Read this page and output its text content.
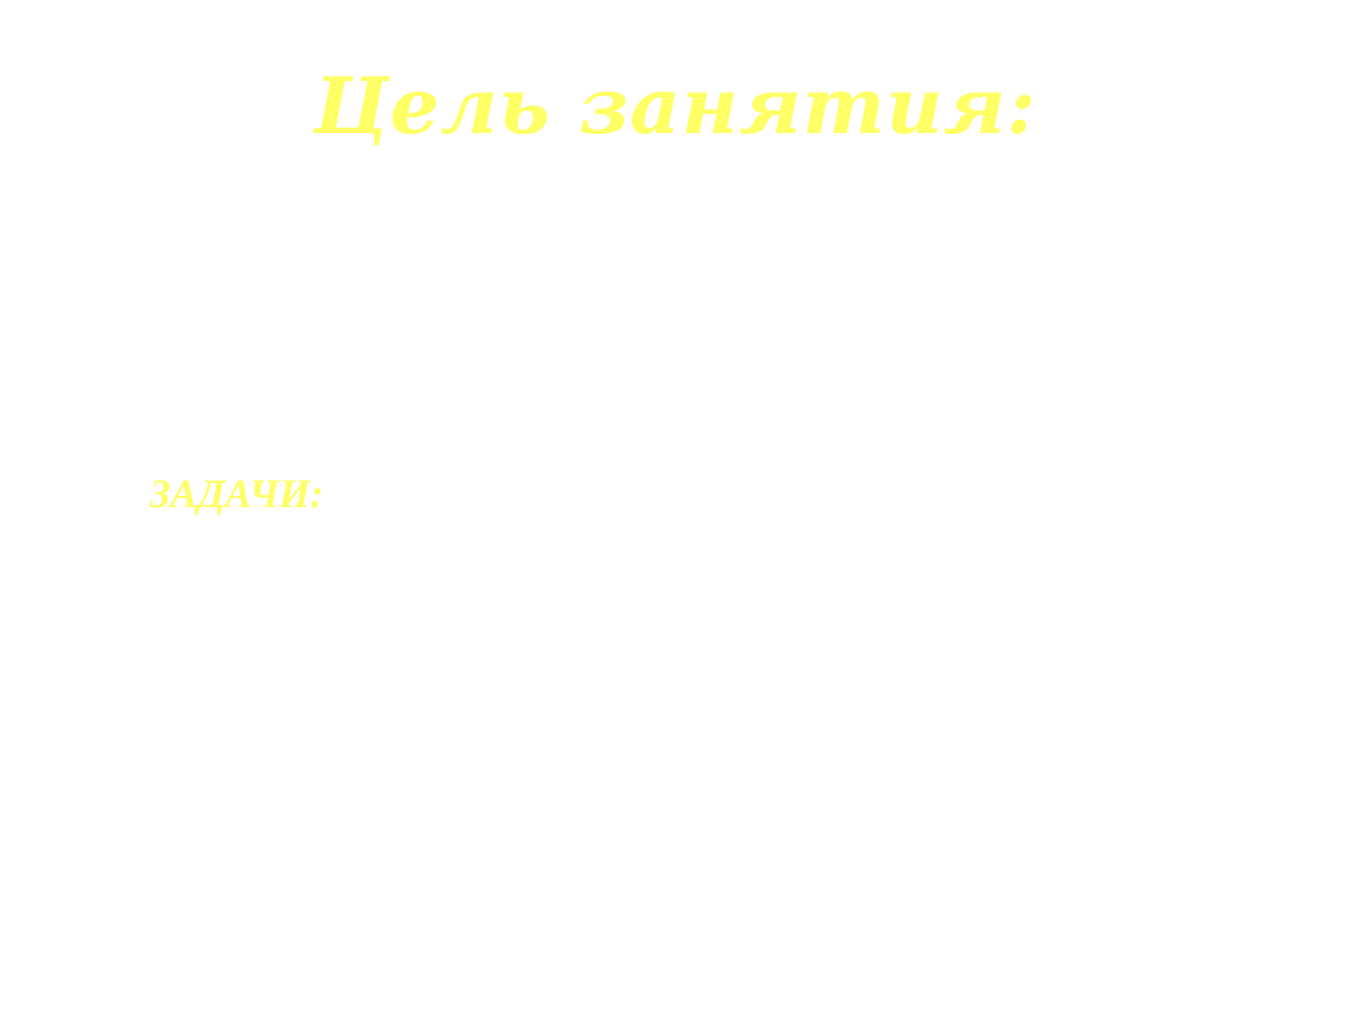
Цель занятия:
ЗАДАЧИ:
